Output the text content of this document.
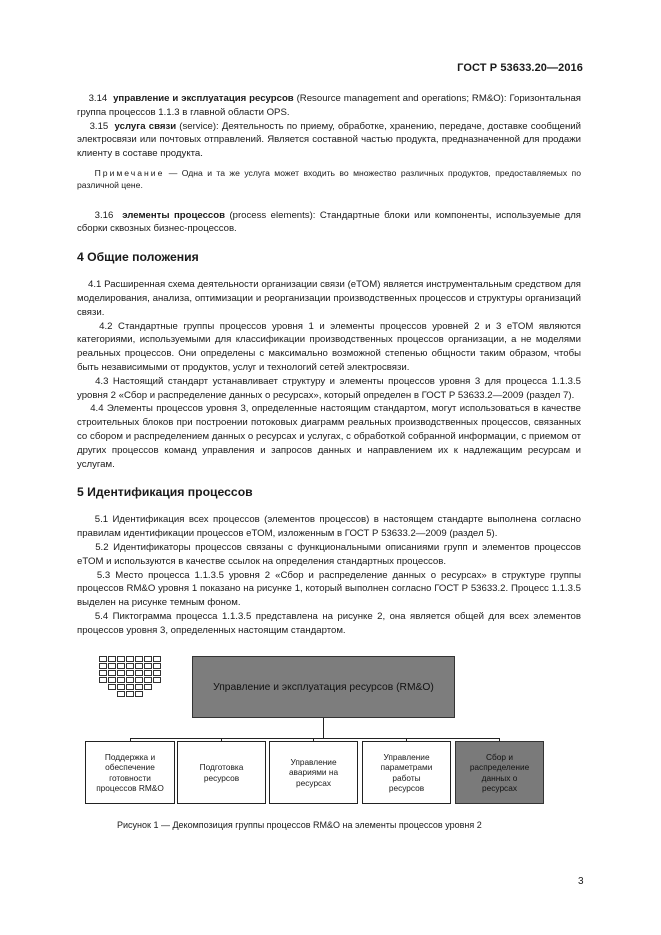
ГОСТ Р 53633.20—2016

3.14 управление и эксплуатация ресурсов (Resource management and operations; RM&O): Горизонтальная группа процессов 1.1.3 в главной области OPS.

3.15 услуга связи (service): Деятельность по приему, обработке, хранению, передаче, доставке сообщений электросвязи или почтовых отправлений. Является составной частью продукта, предназначенной для продажи клиенту в составе продукта.

Примечание — Одна и та же услуга может входить во множество различных продуктов, предоставляемых по различной цене.

3.16 элементы процессов (process elements): Стандартные блоки или компоненты, используемые для сборки сквозных бизнес-процессов.

4 Общие положения

4.1 Расширенная схема деятельности организации связи (eTOM) является инструментальным средством для моделирования, анализа, оптимизации и реорганизации производственных процессов и структуры организаций связи.

4.2 Стандартные группы процессов уровня 1 и элементы процессов уровней 2 и 3 eTOM являются категориями, используемыми для классификации производственных процессов организации, а не моделями реальных процессов. Они определены с максимально возможной степенью общности таким образом, чтобы быть независимыми от продуктов, услуг и технологий сетей электросвязи.

4.3 Настоящий стандарт устанавливает структуру и элементы процессов уровня 3 для процесса 1.1.3.5 уровня 2 «Сбор и распределение данных о ресурсах», который определен в ГОСТ Р 53633.2—2009 (раздел 7).

4.4 Элементы процессов уровня 3, определенные настоящим стандартом, могут использоваться в качестве строительных блоков при построении потоковых диаграмм реальных производственных процессов, связанных со сбором и распределением данных о ресурсах и услугах, с обработкой собранной информации, с приемом от других процессов команд управления и запросов данных и направлением их к надлежащим ресурсам и услугам.

5 Идентификация процессов

5.1 Идентификация всех процессов (элементов процессов) в настоящем стандарте выполнена согласно правилам идентификации процессов eTOM, изложенным в ГОСТ Р 53633.2—2009 (раздел 5).

5.2 Идентификаторы процессов связаны с функциональными описаниями групп и элементов процессов eTOM и используются в качестве ссылок на определения стандартных процессов.

5.3 Место процесса 1.1.3.5 уровня 2 «Сбор и распределение данных о ресурсах» в структуре группы процессов RM&O уровня 1 показано на рисунке 1, который выполнен согласно ГОСТ Р 53633.2. Процесс 1.1.3.5 выделен на рисунке темным фоном.

5.4 Пиктограмма процесса 1.1.3.5 представлена на рисунке 2, она является общей для всех элементов процессов уровня 3, определенных настоящим стандартом.

Управление и эксплуатация ресурсов (RM&O)
Поддержка и обеспечение готовности процессов RM&O
Подготовка ресурсов
Управление авариями на ресурсах
Управление параметрами работы ресурсов
Сбор и распределение данных о ресурсах
Рисунок 1 — Декомпозиция группы процессов RM&O на элементы процессов уровня 2
3
